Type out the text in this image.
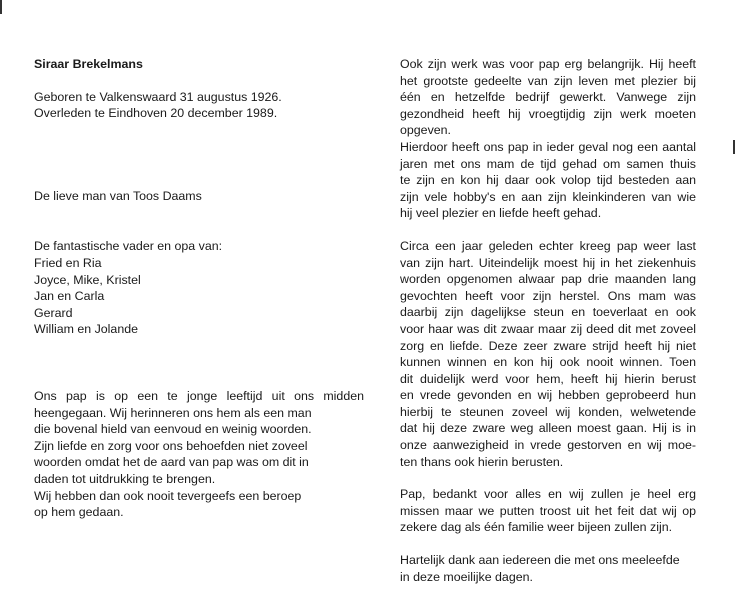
Siraar Brekelmans
Geboren te Valkenswaard 31 augustus 1926.
Overleden te Eindhoven 20 december 1989.
De lieve man van Toos Daams
De fantastische vader en opa van:
Fried en Ria
Joyce, Mike, Kristel
Jan en Carla
Gerard
William en Jolande
Ons pap is op een te jonge leeftijd uit ons midden
heengegaan. Wij herinneren ons hem als een man
die bovenal hield van eenvoud en weinig woorden.
Zijn liefde en zorg voor ons behoefden niet zoveel
woorden omdat het de aard van pap was om dit in
daden tot uitdrukking te brengen.
Wij hebben dan ook nooit tevergeefs een beroep
op hem gedaan.
Ook zijn werk was voor pap erg belangrijk. Hij heeft
het grootste gedeelte van zijn leven met plezier bij
één en hetzelfde bedrijf gewerkt. Vanwege zijn
gezondheid heeft hij vroegtijdig zijn werk moeten
opgeven.
Hierdoor heeft ons pap in ieder geval nog een aantal
jaren met ons mam de tijd gehad om samen thuis
te zijn en kon hij daar ook volop tijd besteden aan
zijn vele hobby's en aan zijn kleinkinderen van wie
hij veel plezier en liefde heeft gehad.
Circa een jaar geleden echter kreeg pap weer last
van zijn hart. Uiteindelijk moest hij in het ziekenhuis
worden opgenomen alwaar pap drie maanden lang
gevochten heeft voor zijn herstel. Ons mam was
daarbij zijn dagelijkse steun en toeverlaat en ook
voor haar was dit zwaar maar zij deed dit met zoveel
zorg en liefde. Deze zeer zware strijd heeft hij niet
kunnen winnen en kon hij ook nooit winnen. Toen
dit duidelijk werd voor hem, heeft hij hierin berust
en vrede gevonden en wij hebben geprobeerd hun
hierbij te steunen zoveel wij konden, welwetende
dat hij deze zware weg alleen moest gaan. Hij is in
onze aanwezigheid in vrede gestorven en wij moe-
ten thans ook hierin berusten.
Pap, bedankt voor alles en wij zullen je heel erg
missen maar we putten troost uit het feit dat wij op
zekere dag als één familie weer bijeen zullen zijn.
Hartelijk dank aan iedereen die met ons meeleefde
in deze moeilijke dagen.
